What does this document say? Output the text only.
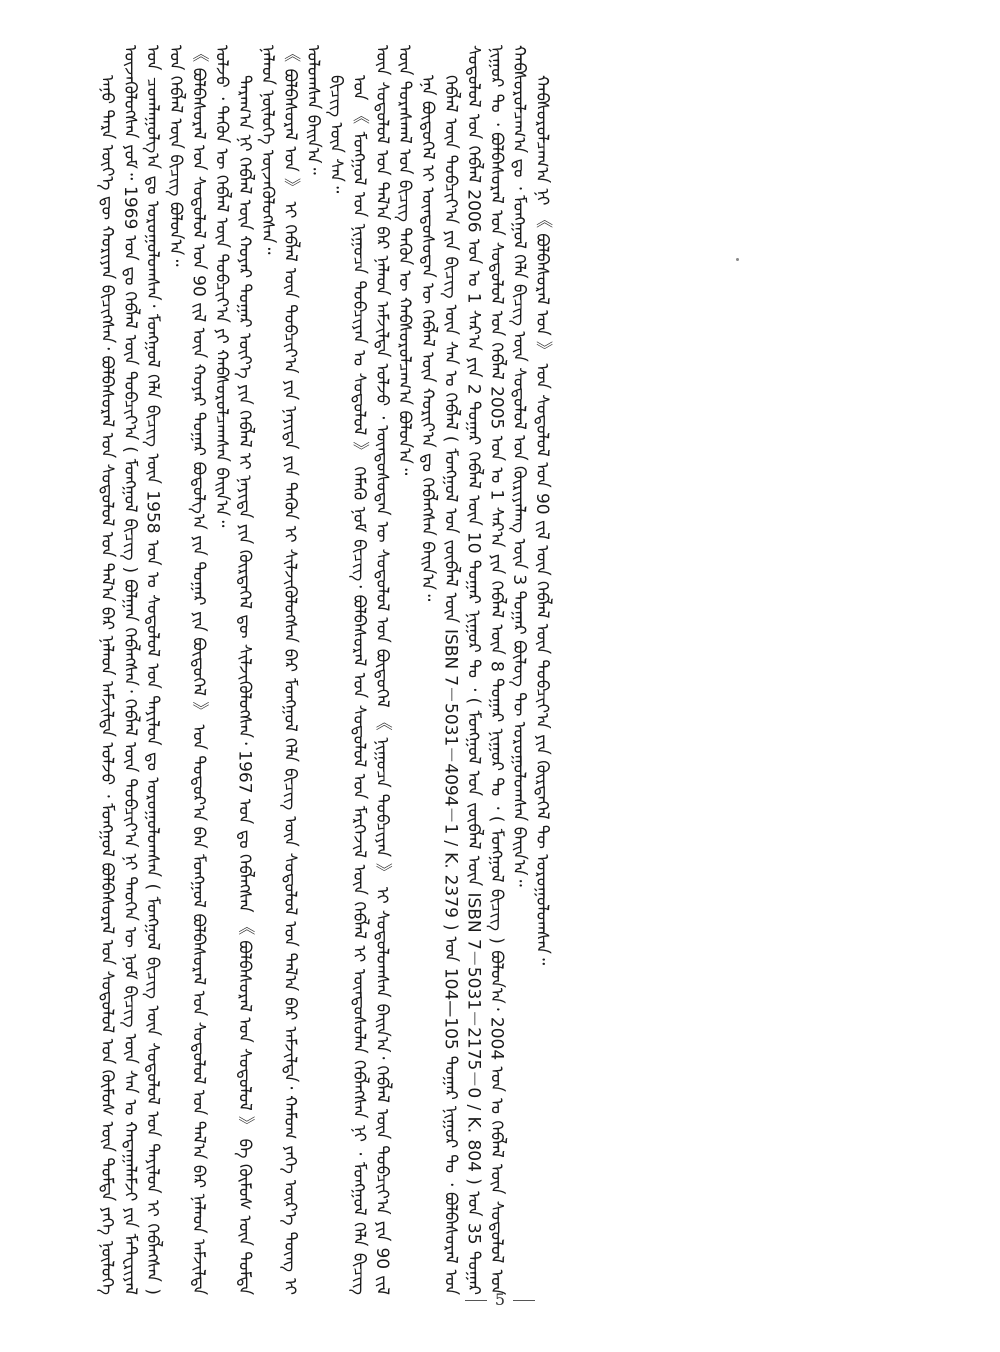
ᠠᠨᠤ ᠲᠡᠷᠡ ᠦᠶ᠎ᠡ ᠳᠦ ᠬᠤᠷᠢᠶᠠᠨ ᠪᠢᠴᠢᠭᠰᠡᠨ᠂ ᠪᠣᠯᠪᠠᠰᠤᠷᠠᠯ ᠤᠨ ᠰᠤᠳᠤᠯᠤᠯ ᠤᠨ ᠲᠠᠯ᠎ᠠ ᠪᠠᠷ ᠨᠡᠯᠡᠳ ᠠᠮᠵᠢᠯᠲᠠ ᠣᠯᠵᠤ ᠂ ᠮᠣᠩᠭᠣᠯ ᠪᠣᠯᠪᠠᠰᠤᠷᠠᠯ ᠤᠨ ᠰᠤᠳᠤᠯᠤᠯ ᠤᠨ ᠬᠦᠮᠦᠰ ᠦᠨ ᠳᠤᠮᠳᠠ ᠶᠡᠬᠡ ᠨᠥᠯᠦᠭᠡ ᠦᠵᠡᠭᠦᠯᠦᠭᠰᠡᠨ ᠶᠤᠮ᠃ 1969 ᠣᠨ ᠳᠤ ᠬᠡᠪᠯᠡᠯ ᠦᠨ ᠲᠣᠪᠴᠢᠶ᠎ᠠ ( ᠮᠣᠩᠭᠣᠯ ᠪᠢᠴᠢᠭ ) ᠪᠣᠯᠭᠠᠨ ᠬᠡᠪᠯᠡᠭᠰᠡᠨ᠂ ᠬᠡᠪᠯᠡᠯ ᠦᠨ ᠲᠣᠪᠴᠢᠶ᠎ᠠ ᠨᠢ ᠲᠡᠦᠬᠡᠨ ᠦ ᠨᠣᠮ ᠪᠢᠴᠢᠭ ᠦᠨ ᠰᠠᠨ ᠤ ᠬᠠᠳᠠᠭᠠᠯᠠᠮᠵᠢ ᠶᠢᠨ ᠮᠠᠲ᠋ᠧᠷᠢᠶᠠᠯ ᠤᠨ ᠴᠤᠭᠯᠠᠭᠤᠯᠭ᠎ᠠ ᠳᠤ ᠣᠷᠤᠭᠤᠯᠤᠭᠰᠠᠨ᠂ ᠮᠣᠩᠭᠣᠯ ᠬᠡᠯᠡ ᠪᠢᠴᠢᠭ ᠦᠨ 1958 ᠣᠨ ᠤ ᠰᠤᠳᠤᠯᠤᠯ ᠤᠨ ᠲᠠᠶᠢᠯᠤᠨ ᠳᠤ ᠣᠷᠤᠭᠤᠯᠤᠭᠰᠠᠨ ( ᠮᠣᠩᠭᠣᠯ ᠪᠢᠴᠢᠭ ᠦᠨ ᠰᠤᠳᠤᠯᠤᠯ ᠤᠨ ᠲᠠᠶᠢᠯᠤᠨ ᠢ ᠬᠡᠪᠯᠡᠭᠰᠡᠨ ) ᠤᠨ ᠬᠡᠪᠯᠡᠯ ᠦᠨ ᠪᠢᠴᠢᠭ ᠪᠣᠯᠤᠨ᠎ᠠ᠃ 《 ᠪᠣᠯᠪᠠᠰᠤᠷᠠᠯ ᠤᠨ ᠰᠤᠳᠤᠯᠤᠯ ᠤᠨ 90 ᠵᠢᠯ ᠦᠨ ᠬᠣᠶᠠᠷ ᠳᠤᠭᠠᠷ ᠪᠣᠳᠤᠯᠭ᠎ᠠ ᠶᠢᠨ ᠳᠤᠭᠠᠷ ᠶᠢᠨ ᠪᠦᠲᠦᠭᠡᠯ 》 ᠤᠨ ᠳᠣᠲᠣᠷ᠎ᠠ ᠪᠠᠨ ᠮᠣᠩᠭᠣᠯ ᠪᠣᠯᠪᠠᠰᠤᠷᠠᠯ ᠤᠨ ᠰᠤᠳᠤᠯᠤᠯ ᠤᠨ ᠲᠠᠯ᠎ᠠ ᠪᠠᠷ ᠨᠡᠯᠡᠳ ᠠᠮᠵᠢᠯᠲᠠ ᠣᠯᠵᠤ ᠂ ᠲᠡᠭᠦᠨ ᠦ ᠬᠡᠪᠯᠡᠯ ᠦᠨ ᠲᠣᠪᠴᠢᠶ᠎ᠠ ᠶᠢ ᠬᠠᠪᠰᠤᠷᠤᠯᠴᠠᠭᠰᠠᠨ ᠪᠠᠢᠨ᠎ᠠ᠃ ᠳᠠᠷᠠᠭ᠎ᠠ ᠨᠢ ᠬᠡᠪᠯᠡᠯ ᠦᠨ ᠬᠣᠶᠠᠷ ᠳᠤᠭᠠᠷ ᠦᠶ᠎ᠡ ᠶᠢᠨ ᠬᠡᠪᠯᠡᠯ ᠢ ᠨᠡᠶᠢᠲᠡ ᠶᠢᠨ ᠬᠦᠷᠲᠡᠭᠡᠯ ᠳᠦ ᠰᠢᠯᠵᠢᠭᠦᠯᠦᠭᠰᠡᠨ᠂ 1967 ᠣᠨ ᠳᠤ ᠬᠡᠪᠯᠡᠭᠰᠡᠨ 《 ᠪᠣᠯᠪᠠᠰᠤᠷᠠᠯ ᠤᠨ ᠰᠤᠳᠤᠯᠤᠯ 》 ᠪᠠ ᠬᠦᠮᠦᠰ ᠦᠨ ᠳᠤᠮᠳᠠ ᠨᠡᠯᠡᠳ ᠨᠥᠯᠦᠭᠡ ᠦᠵᠡᠭᠦᠯᠦᠭᠰᠡᠨ᠃ 《 ᠪᠣᠯᠪᠠᠰᠤᠷᠠᠯ ᠤᠨ 》 ᠢ ᠬᠡᠪᠯᠡᠯ ᠦᠨ ᠲᠣᠪᠴᠢᠶ᠎ᠠ ᠶᠢᠨ ᠨᠡᠶᠢᠲᠡ ᠶᠢᠨ ᠲᠡᠭᠦᠨ ᠢ ᠰᠢᠯᠵᠢᠭᠦᠯᠦᠭᠰᠡᠨ ᠪᠡᠷ ᠮᠣᠩᠭᠣᠯ ᠬᠡᠯᠡ ᠪᠢᠴᠢᠭ ᠦᠨ ᠰᠤᠳᠤᠯᠤᠯ ᠤᠨ ᠲᠠᠯ᠎ᠠ ᠪᠠᠷ ᠠᠮᠵᠢᠯᠲᠠ᠂ ᠬᠠᠮᠤᠭ ᠶᠡᠬᠡ ᠦᠷ᠎ᠡ ᠳᠦᠩ ᠢ ᠣᠯᠤᠭᠰᠠᠨ ᠪᠠᠢᠨ᠎ᠠ᠃ ᠪᠢᠴᠢᠭ ᠦᠨ ᠰᠠᠨ᠃ ᠣᠨ 《 ᠮᠣᠩᠭᠣᠯ ᠤᠨ ᠨᠢᠭᠤᠴᠠ ᠲᠣᠪᠴᠢᠶᠠᠨ ᠤ ᠰᠤᠳᠤᠯᠤᠯ 》 ᠬᠡᠮᠡᠬᠦ ᠨᠣᠮ ᠪᠢᠴᠢᠭ᠂ ᠪᠣᠯᠪᠠᠰᠤᠷᠠᠯ ᠤᠨ ᠰᠤᠳᠤᠯᠤᠯ ᠤᠨ ᠮᠡᠷᠭᠡᠵᠢᠯ ᠦᠨ ᠬᠡᠪᠯᠡᠯ ᠢ ᠦᠨᠳᠦᠰᠦᠯᠡᠨ ᠬᠡᠪᠯᠡᠭᠰᠡᠨ ᠨᠢ ᠂ ᠮᠣᠩᠭᠣᠯ ᠬᠡᠯᠡ ᠪᠢᠴᠢᠭ ᠦᠨ ᠰᠤᠳᠤᠯᠤᠯ ᠤᠨ ᠲᠠᠯ᠎ᠠ ᠪᠠᠷ ᠨᠡᠯᠡᠳ ᠠᠮᠵᠢᠯᠲᠠ ᠣᠯᠵᠤ ᠂ ᠦᠨᠳᠦᠰᠦᠲᠡᠨ ᠦ ᠰᠤᠳᠤᠯᠤᠯ ᠤᠨ ᠪᠦᠲᠦᠭᠡᠯ 《 ᠨᠢᠭᠤᠴᠠ ᠲᠣᠪᠴᠢᠶᠠᠨ 》 ᠢ ᠰᠤᠳᠤᠯᠤᠭᠰᠠᠨ ᠪᠠᠢᠨ᠎ᠠ᠂ ᠬᠡᠪᠯᠡᠯ ᠦᠨ ᠲᠣᠪᠴᠢᠶ᠎ᠠ ᠶᠢᠨ 90 ᠵᠢᠯ ᠦᠨ ᠳᠤᠷᠠᠰᠬᠠᠯ ᠤᠨ ᠪᠢᠴᠢᠭ ᠲᠡᠭᠦᠨ ᠦ ᠬᠠᠪᠰᠤᠷᠤᠯᠴᠠᠭ᠎ᠠ ᠪᠣᠯᠤᠨ᠎ᠠ᠃ ᠡᠨᠡ ᠪᠦᠲᠦᠭᠡᠯ ᠢ ᠦᠨᠳᠦᠰᠦᠲᠡᠨ ᠦ ᠬᠡᠪᠯᠡᠯ ᠦᠨ ᠬᠣᠷᠢᠶ᠎ᠠ ᠳᠤ ᠬᠡᠪᠯᠡᠭᠰᠡᠨ ᠪᠠᠢᠨ᠎ᠠ᠃ ᠬᠡᠪᠯᠡᠯ ᠦᠨ ᠲᠣᠪᠴᠢᠶ᠎ᠠ ᠶᠢᠨ ᠪᠢᠴᠢᠭ ᠦᠨ ᠰᠠᠨ ᠤ ᠬᠡᠪᠯᠡᠯ ( ᠮᠣᠩᠭᠣᠯ ᠤᠨ ᠵᠥᠪᠯᠡᠯ ᠦᠨ ISBN 7－5031－4094－1 / K. 2379 ) ᠤᠨ 104—105 ᠳᠤᠭᠠᠷ ᠨᠢᠭᠤᠷ ᠲᠤ ᠂ ᠪᠣᠯᠪᠠᠰᠤᠷᠠᠯ ᠤᠨ ᠰᠤᠳᠤᠯᠤᠯ ᠤᠨ ᠬᠡᠪᠯᠡᠯ 2006 ᠣᠨ ᠤ 1 ᠰᠠᠷ᠎ᠠ ᠶᠢᠨ 2 ᠳᠤᠭᠠᠷ ᠬᠡᠪᠯᠡᠯ ᠦᠨ 10 ᠳᠤᠭᠠᠷ ᠨᠢᠭᠤᠷ ᠲᠤ ᠂ ( ᠮᠣᠩᠭᠣᠯ ᠤᠨ ᠵᠥᠪᠯᠡᠯ ᠦᠨ ISBN 7－5031－2175－0 / K. 804 ) ᠤᠨ 35 ᠳᠤᠭᠠᠷ ᠨᠢᠭᠤᠷ ᠲᠤ ᠂ ᠪᠣᠯᠪᠠᠰᠤᠷᠠᠯ ᠤᠨ ᠰᠤᠳᠤᠯᠤᠯ ᠤᠨ ᠬᠡᠪᠯᠡᠯ 2005 ᠣᠨ ᠤ 1 ᠰᠠᠷ᠎ᠠ ᠶᠢᠨ ᠬᠡᠪᠯᠡᠯ ᠦᠨ 8 ᠳᠤᠭᠠᠷ ᠨᠢᠭᠤᠷ ᠲᠤ ᠂ ( ᠮᠣᠩᠭᠣᠯ ᠪᠢᠴᠢᠭ ) ᠪᠣᠯᠤᠨ᠎ᠠ᠂ 2004 ᠣᠨ ᠤ ᠬᠡᠪᠯᠡᠯ ᠦᠨ ᠰᠤᠳᠤᠯᠤᠯ ᠤᠨ ᠬᠠᠪᠰᠤᠷᠤᠯᠴᠠᠭ᠎ᠠ ᠳᠤ ᠂ ᠮᠣᠩᠭᠣᠯ ᠬᠡᠯᠡ ᠪᠢᠴᠢᠭ ᠦᠨ ᠰᠤᠳᠤᠯᠤᠯ ᠤᠨ ᠬᠦᠷᠢᠶᠡᠯᠡᠩ ᠦᠨ 3 ᠳᠤᠭᠠᠷ ᠪᠦᠯᠦᠭ ᠲᠦ ᠣᠷᠤᠭᠤᠯᠤᠭᠰᠠᠨ ᠪᠠᠢᠨ᠎ᠠ᠃ ᠬᠠᠪᠰᠤᠷᠤᠯᠴᠠᠭ᠎ᠠ ᠨᠢ 《 ᠪᠣᠯᠪᠠᠰᠤᠷᠠᠯ ᠤᠨ 》 ᠤᠨ ᠰᠤᠳᠤᠯᠤᠯ ᠤᠨ 90 ᠵᠢᠯ ᠦᠨ ᠬᠡᠪᠯᠡᠯ ᠦᠨ ᠲᠣᠪᠴᠢᠶ᠎ᠠ ᠶᠢᠨ ᠬᠦᠷᠲᠡᠭᠡᠯ ᠲᠦ ᠣᠷᠤᠭᠤᠯᠤᠭᠰᠠᠨ᠃

5
